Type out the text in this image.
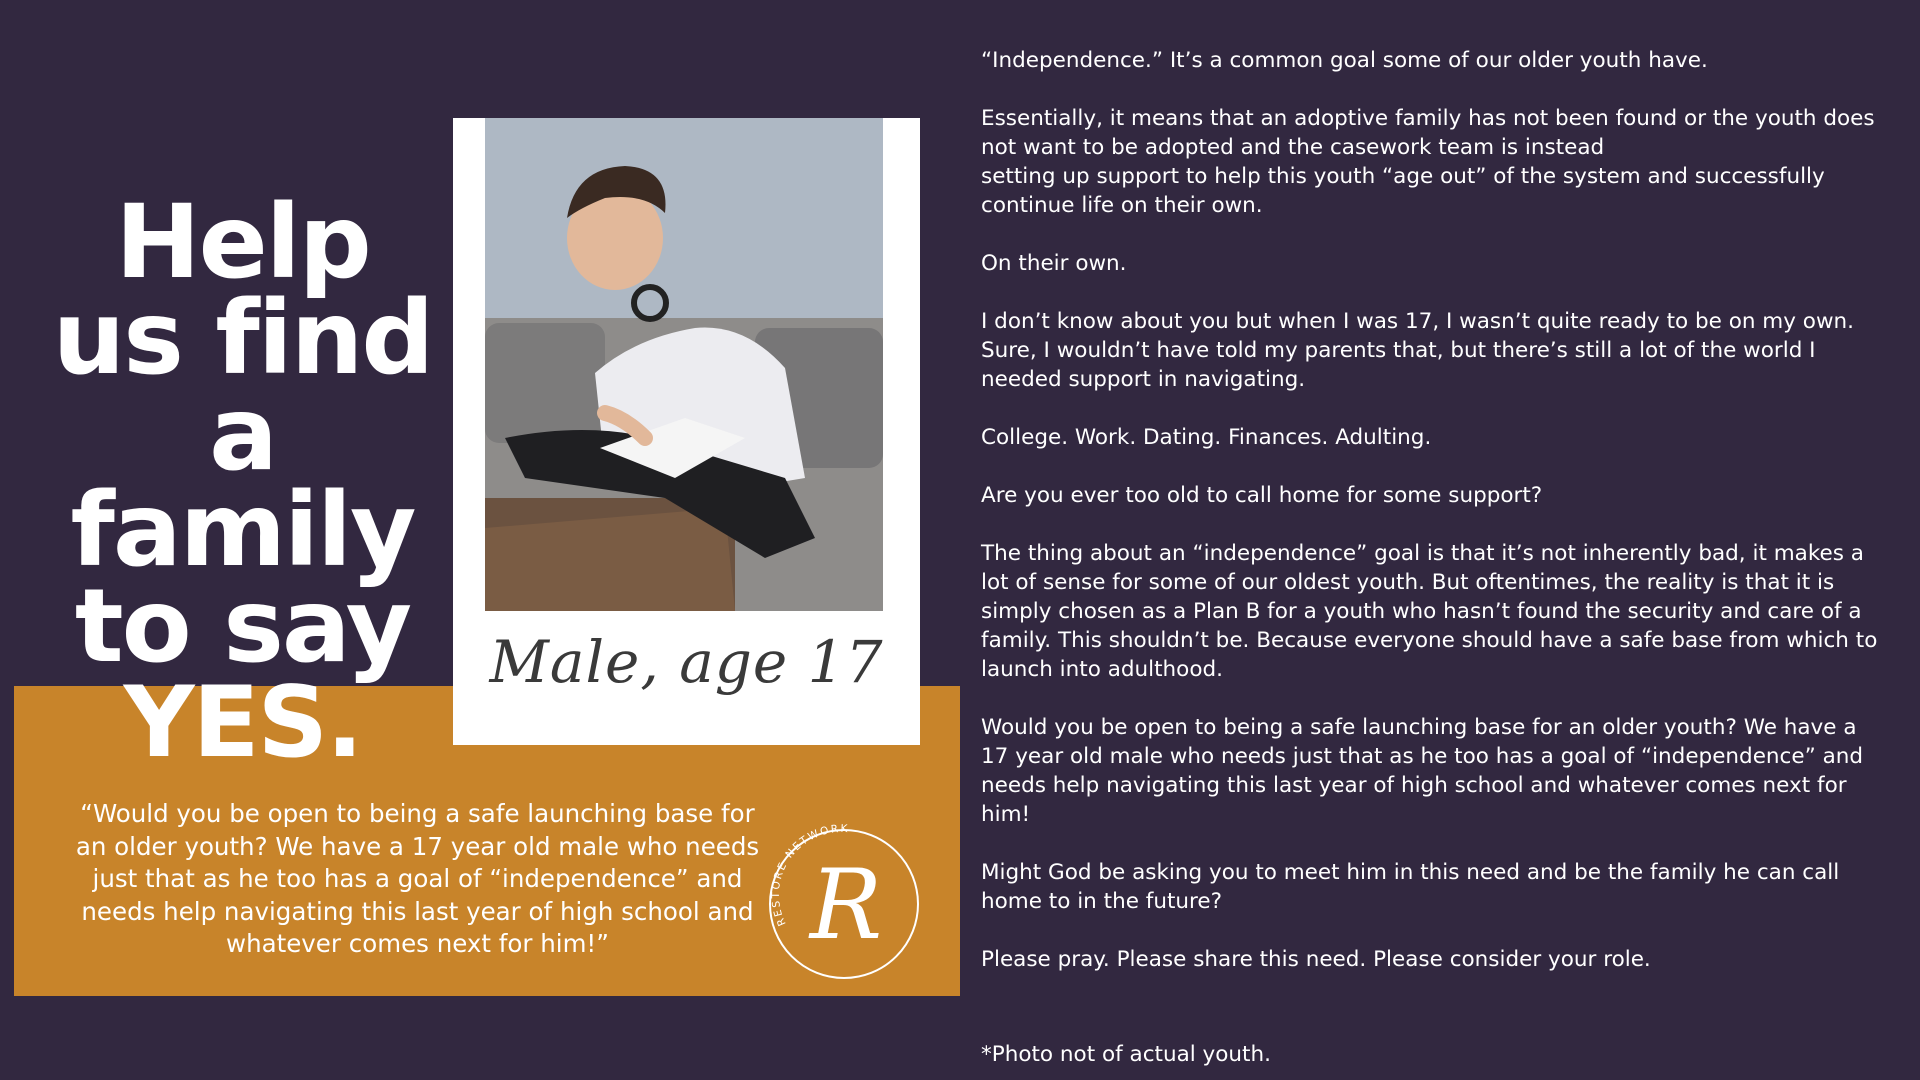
Help
us find
a
family
to say
YES.
Male, age 17
“Would you be open to being a safe launching base for an older youth? We have a 17 year old male who needs just that as he too has a goal of “independence” and needs help navigating this last year of high school and whatever comes next for him!”
RESTORE NETWORK
R

“Independence.” It’s a common goal some of our older youth have.

Essentially, it means that an adoptive family has not been found or the youth does not want to be adopted and the casework team is instead
setting up support to help this youth “age out” of the system and successfully continue life on their own.

On their own.

I don’t know about you but when I was 17, I wasn’t quite ready to be on my own. Sure, I wouldn’t have told my parents that, but there’s still a lot of the world I needed support in navigating.

College. Work. Dating. Finances. Adulting.

Are you ever too old to call home for some support?

The thing about an “independence” goal is that it’s not inherently bad, it makes a lot of sense for some of our oldest youth. But oftentimes, the reality is that it is simply chosen as a Plan B for a youth who hasn’t found the security and care of a family. This shouldn’t be. Because everyone should have a safe base from which to launch into adulthood.

Would you be open to being a safe launching base for an older youth? We have a 17 year old male who needs just that as he too has a goal of “independence” and needs help navigating this last year of high school and whatever comes next for him!

Might God be asking you to meet him in this need and be the family he can call home to in the future?

Please pray. Please share this need. Please consider your role.

*Photo not of actual youth.
